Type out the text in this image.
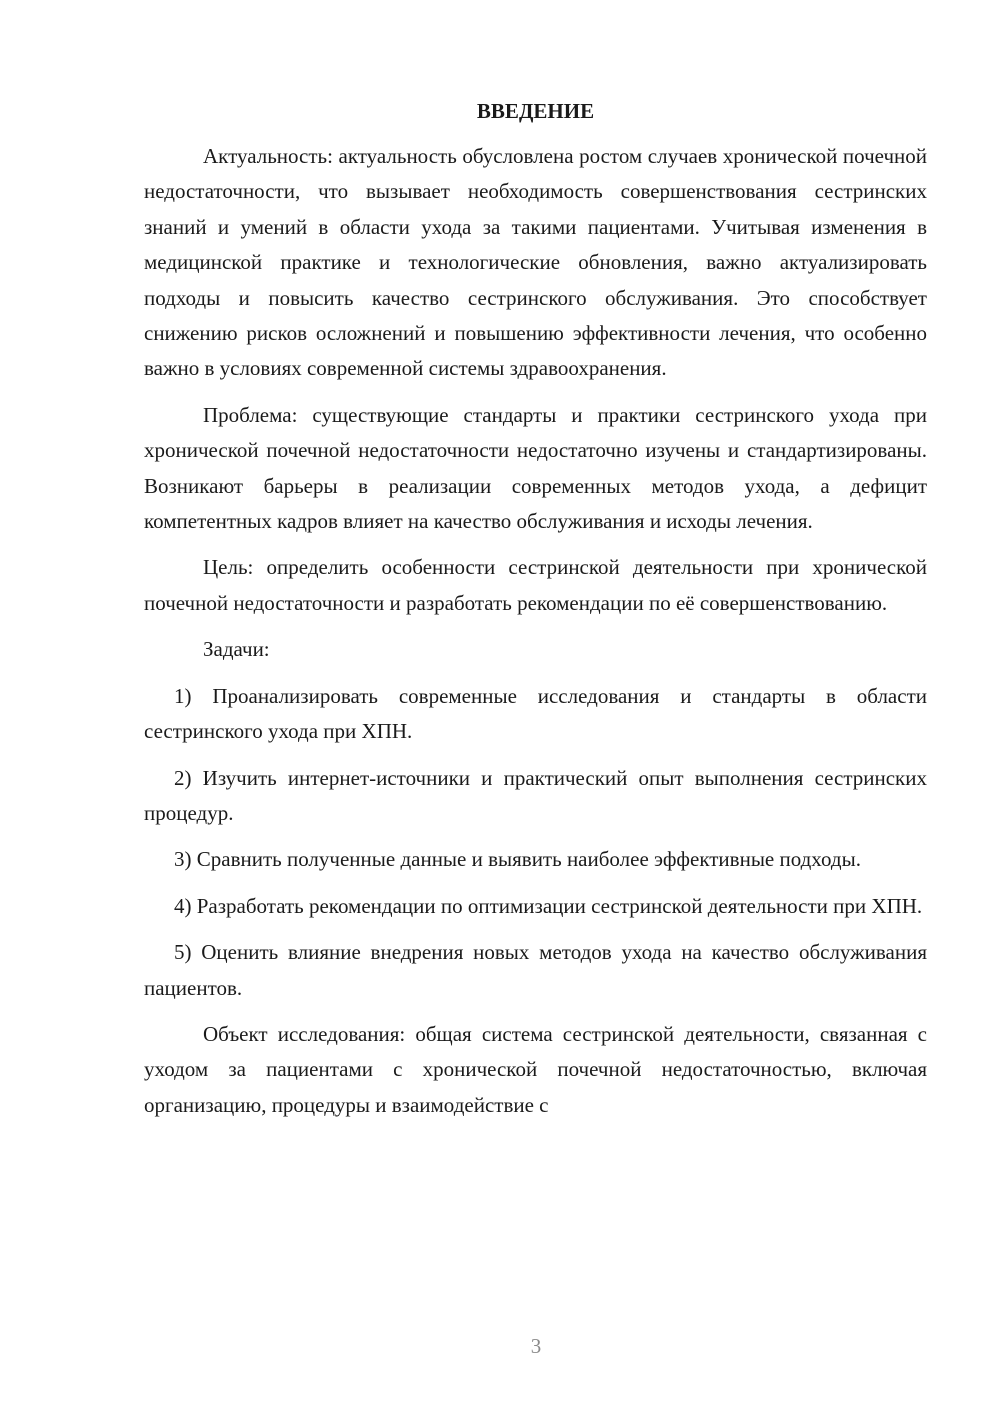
ВВЕДЕНИЕ

Актуальность: актуальность обусловлена ростом случаев хронической почечной недостаточности, что вызывает необходимость совершенствования сестринских знаний и умений в области ухода за такими пациентами. Учитывая изменения в медицинской практике и технологические обновления, важно актуализировать подходы и повысить качество сестринского обслуживания. Это способствует снижению рисков осложнений и повышению эффективности лечения, что особенно важно в условиях современной системы здравоохранения.

Проблема: существующие стандарты и практики сестринского ухода при хронической почечной недостаточности недостаточно изучены и стандартизированы. Возникают барьеры в реализации современных методов ухода, а дефицит компетентных кадров влияет на качество обслуживания и исходы лечения.

Цель: определить особенности сестринской деятельности при хронической почечной недостаточности и разработать рекомендации по её совершенствованию.

Задачи:

1) Проанализировать современные исследования и стандарты в области сестринского ухода при ХПН.

2) Изучить интернет-источники и практический опыт выполнения сестринских процедур.

3) Сравнить полученные данные и выявить наиболее эффективные подходы.

4) Разработать рекомендации по оптимизации сестринской деятельности при ХПН.

5) Оценить влияние внедрения новых методов ухода на качество обслуживания пациентов.

Объект исследования: общая система сестринской деятельности, связанная с уходом за пациентами с хронической почечной недостаточностью, включая организацию, процедуры и взаимодействие с

3
